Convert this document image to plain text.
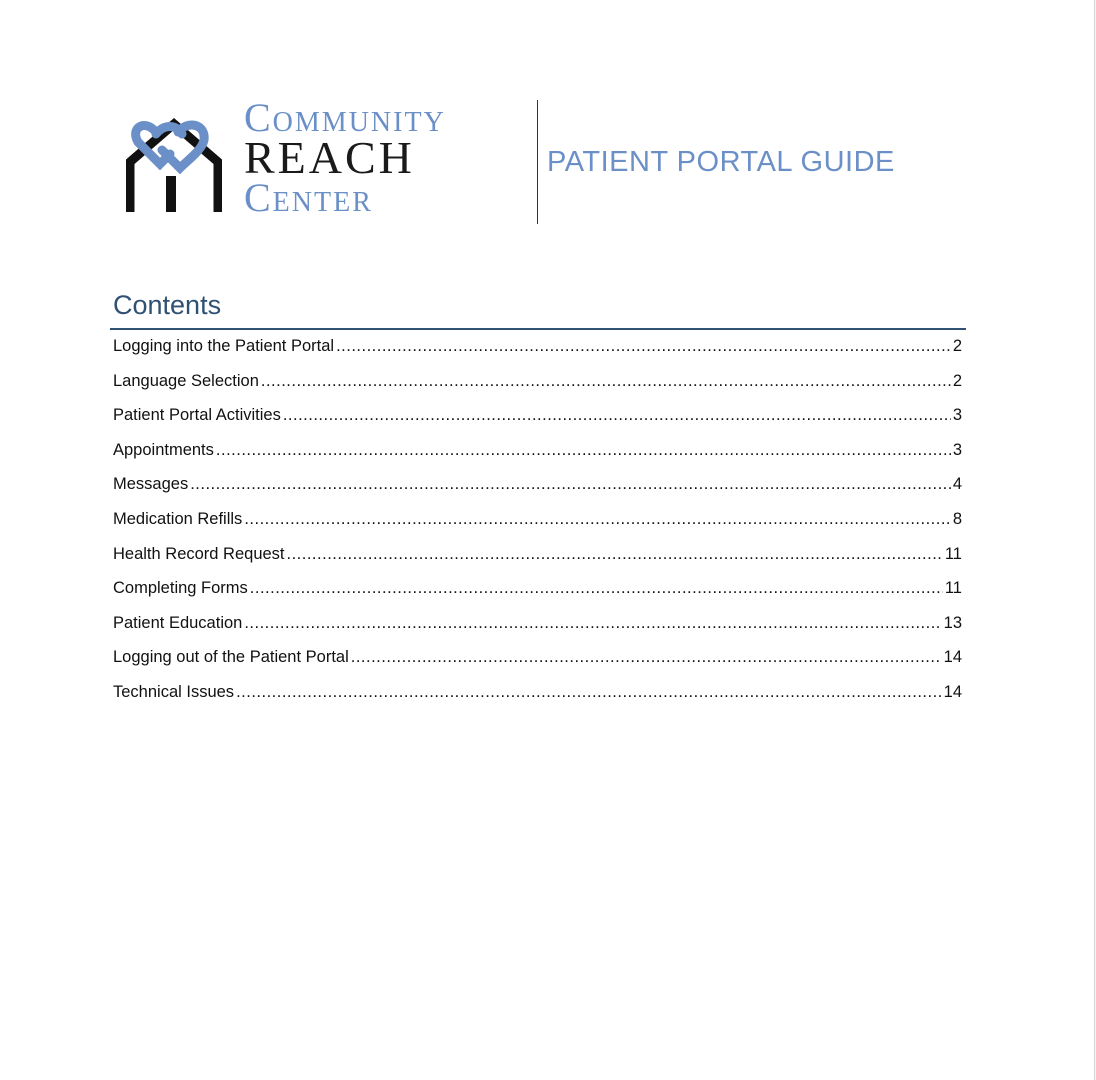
Community
REACH
Center
PATIENT PORTAL GUIDE
Contents
Logging into the Patient Portal .....	2
Language Selection .....	2
Patient Portal Activities .....	3
Appointments .....	3
Messages .....	4
Medication Refills .....	8
Health Record Request .....	11
Completing Forms .....	11
Patient Education .....	13
Logging out of the Patient Portal .....	14
Technical Issues .....	14
